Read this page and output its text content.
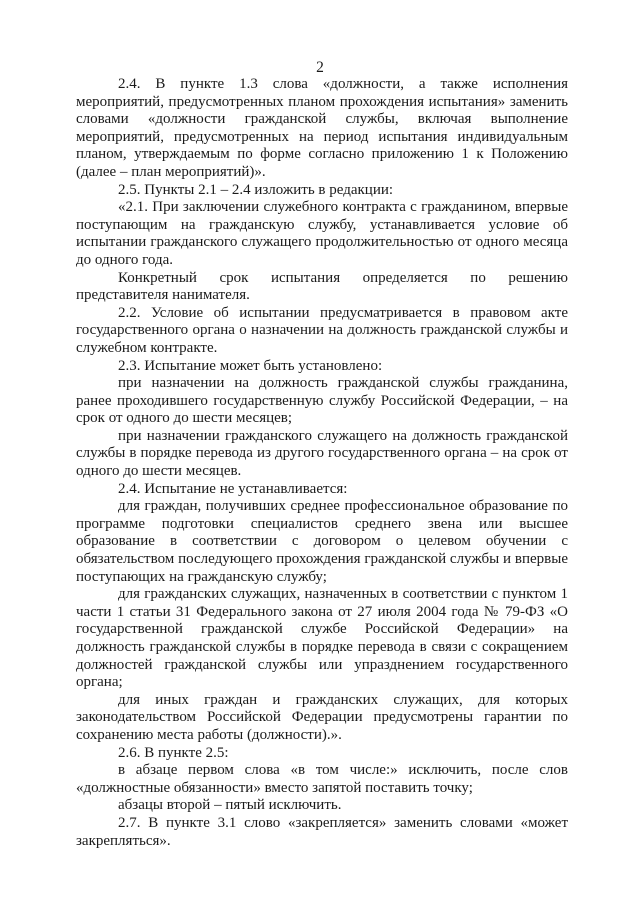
2

2.4. В пункте 1.3 слова «должности, а также исполнения мероприятий, предусмотренных планом прохождения испытания» заменить словами «должности гражданской службы, включая выполнение мероприятий, предусмотренных на период испытания индивидуальным планом, утверждаемым по форме согласно приложению 1 к Положению (далее – план мероприятий)».

2.5. Пункты 2.1 – 2.4 изложить в редакции:

«2.1. При заключении служебного контракта с гражданином, впервые поступающим на гражданскую службу, устанавливается условие об испытании гражданского служащего продолжительностью от одного месяца до одного года.

Конкретный срок испытания определяется по решению представителя нанимателя.

2.2. Условие об испытании предусматривается в правовом акте государственного органа о назначении на должность гражданской службы и служебном контракте.

2.3. Испытание может быть установлено:

при назначении на должность гражданской службы гражданина, ранее проходившего государственную службу Российской Федерации, – на срок от одного до шести месяцев;

при назначении гражданского служащего на должность гражданской службы в порядке перевода из другого государственного органа – на срок от одного до шести месяцев.

2.4. Испытание не устанавливается:

для граждан, получивших среднее профессиональное образование по программе подготовки специалистов среднего звена или высшее образование в соответствии с договором о целевом обучении с обязательством последующего прохождения гражданской службы и впервые поступающих на гражданскую службу;

для гражданских служащих, назначенных в соответствии с пунктом 1 части 1 статьи 31 Федерального закона от 27 июля 2004 года № 79-ФЗ «О государственной гражданской службе Российской Федерации» на должность гражданской службы в порядке перевода в связи с сокращением должностей гражданской службы или упразднением государственного органа;

для иных граждан и гражданских служащих, для которых законодательством Российской Федерации предусмотрены гарантии по сохранению места работы (должности).».

2.6. В пункте 2.5:

в абзаце первом слова «в том числе:» исключить, после слов «должностные обязанности» вместо запятой поставить точку;

абзацы второй – пятый исключить.

2.7. В пункте 3.1 слово «закрепляется» заменить словами «может закрепляться».
